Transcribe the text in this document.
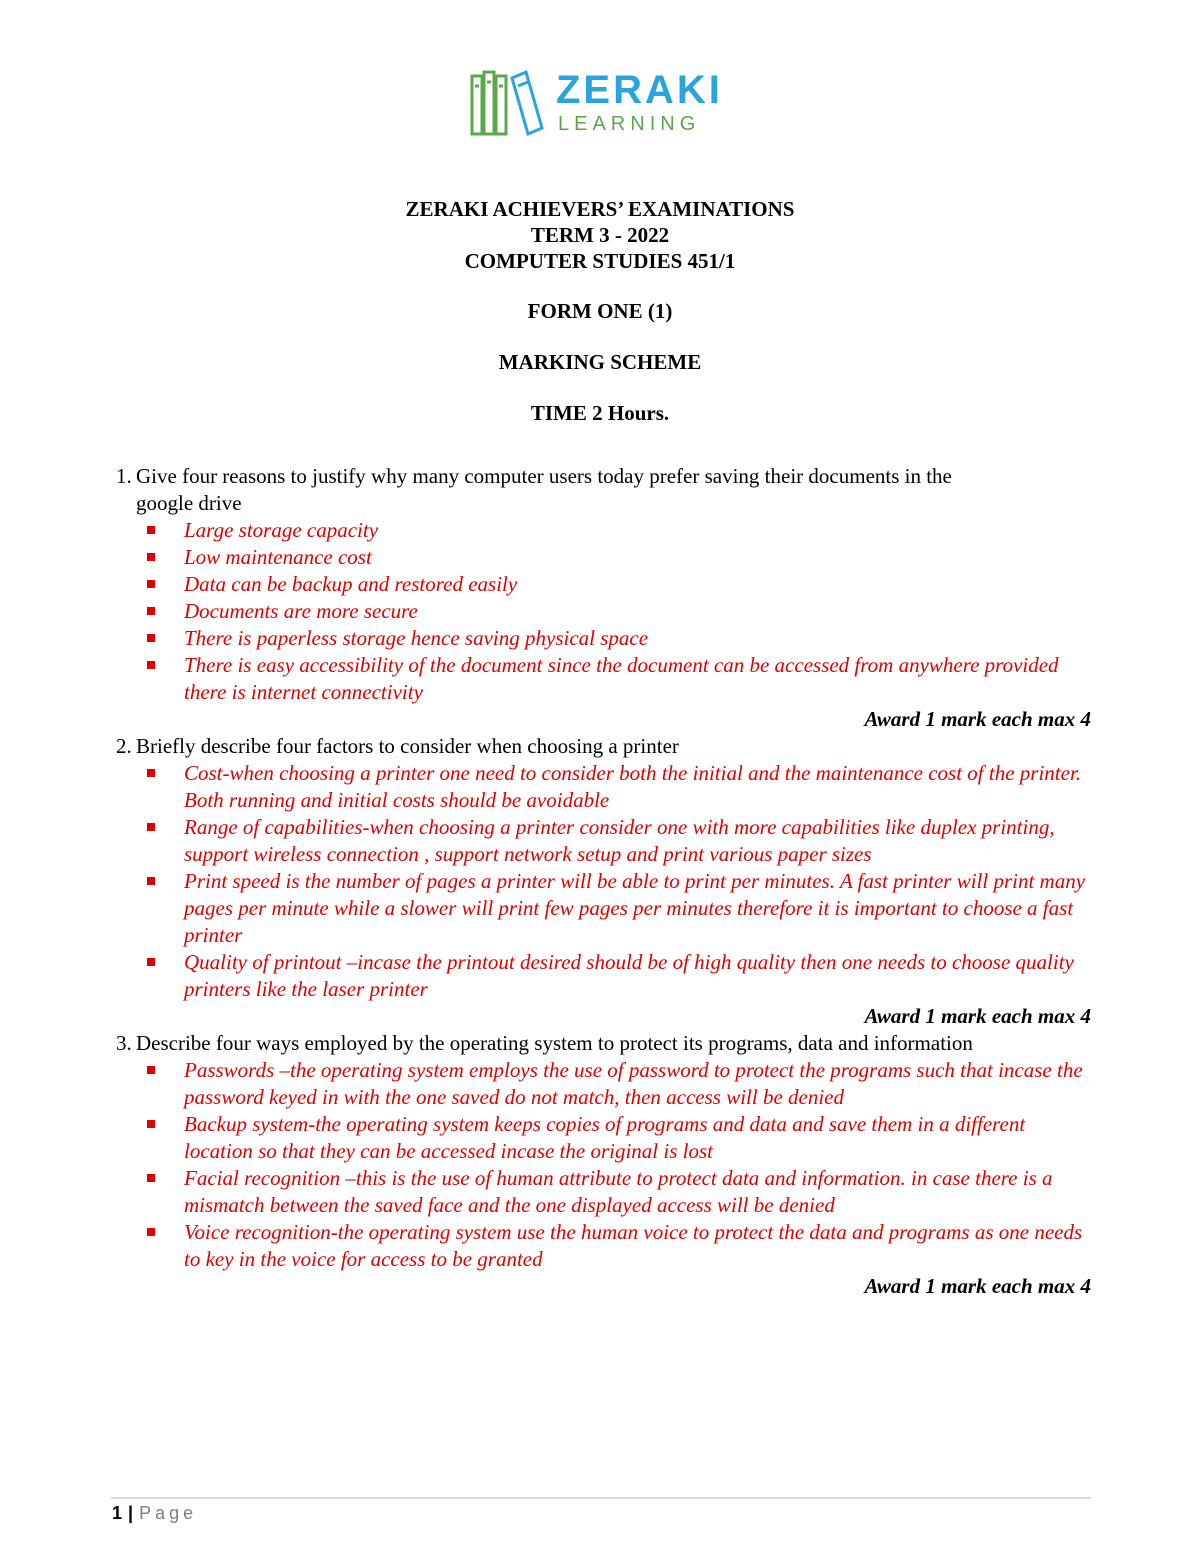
ZERAKI
LEARNING
ZERAKI ACHIEVERS’ EXAMINATIONS
TERM 3 - 2022
COMPUTER STUDIES 451/1
FORM ONE (1)
MARKING SCHEME
TIME 2 Hours.
1. Give four reasons to justify why many computer users today prefer saving their documents in the
google drive
Large storage capacity
Low maintenance cost
Data can be backup and restored easily
Documents are more secure
There is paperless storage hence saving physical space
There is easy accessibility of the document since the document can be accessed from anywhere provided there is internet connectivity
Award 1 mark each max 4
2. Briefly describe four factors to consider when choosing a printer
Cost-when choosing a printer one need to consider both the initial and the maintenance cost of the printer. Both running and initial costs should be avoidable
Range of capabilities-when choosing a printer consider one with more capabilities like duplex printing, support wireless connection , support network setup and print various paper sizes
Print speed is the number of pages a printer will be able to print per minutes. A fast printer will print many pages per minute while a slower will print few pages per minutes therefore it is important to choose a fast printer
Quality of printout –incase the printout desired should be of high quality then one needs to choose quality printers like the laser printer
Award 1 mark each max 4
3. Describe four ways employed by the operating system to protect its programs, data and information
Passwords –the operating system employs the use of password to protect the programs such that incase the password keyed in with the one saved do not match, then access will be denied
Backup system-the operating system keeps copies of programs and data and save them in a different location so that they can be accessed incase the original is lost
Facial recognition –this is the use of human attribute to protect data and information. in case there is a mismatch between the saved face and the one displayed access will be denied
Voice recognition-the operating system use the human voice to protect the data and programs as one needs to key in the voice for access to be granted
Award 1 mark each max 4
1 | Page
